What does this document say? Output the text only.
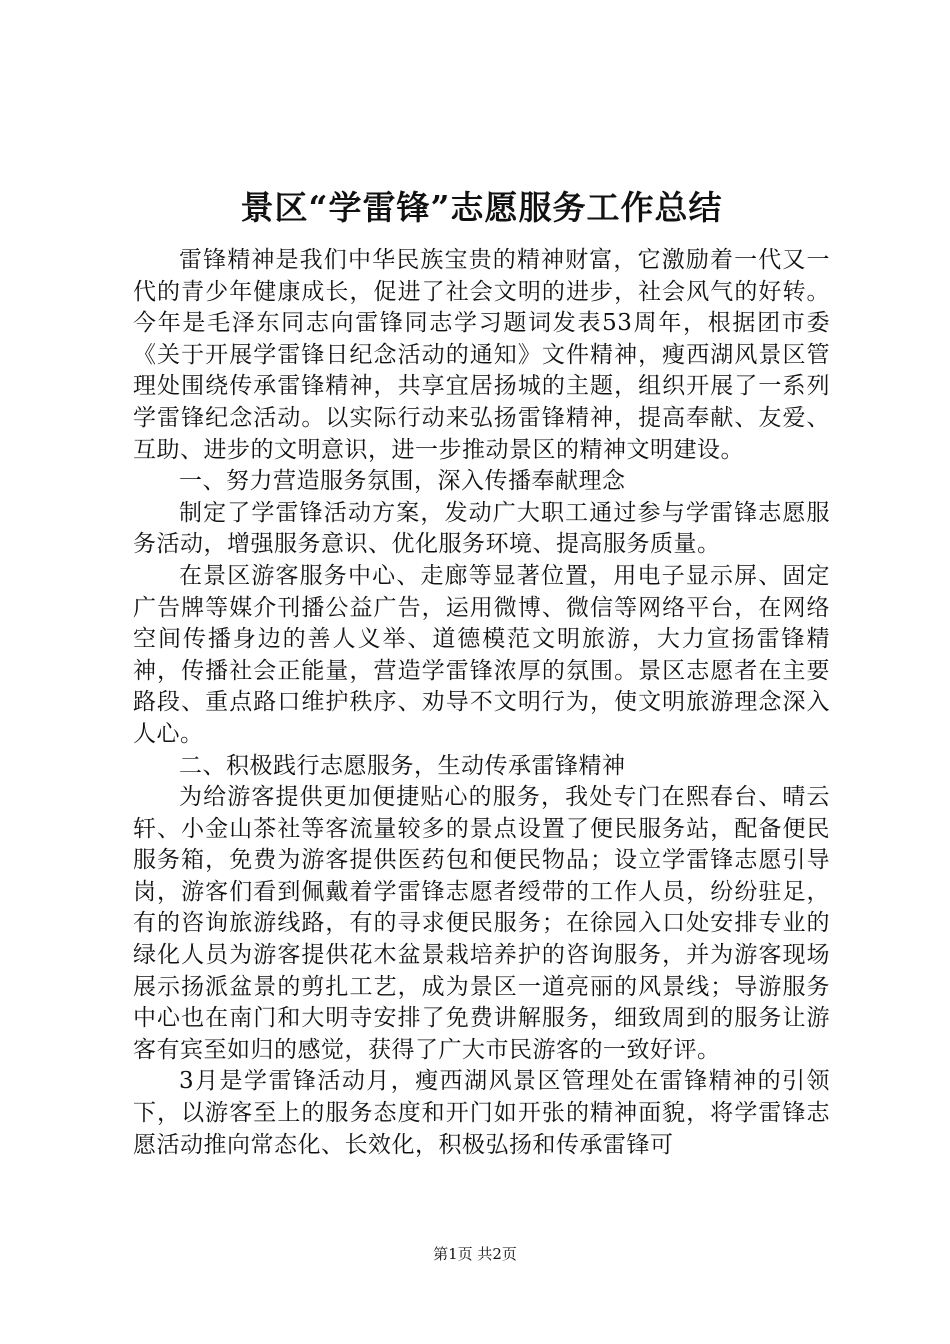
景区“学雷锋”志愿服务工作总结

雷锋精神是我们中华民族宝贵的精神财富，它激励着一代又一代的青少年健康成长，促进了社会文明的进步，社会风气的好转。今年是毛泽东同志向雷锋同志学习题词发表53周年，根据团市委《关于开展学雷锋日纪念活动的通知》文件精神，瘦西湖风景区管理处围绕传承雷锋精神，共享宜居扬城的主题，组织开展了一系列学雷锋纪念活动。以实际行动来弘扬雷锋精神，提高奉献、友爱、互助、进步的文明意识，进一步推动景区的精神文明建设。

一、努力营造服务氛围，深入传播奉献理念

制定了学雷锋活动方案，发动广大职工通过参与学雷锋志愿服务活动，增强服务意识、优化服务环境、提高服务质量。

在景区游客服务中心、走廊等显著位置，用电子显示屏、固定广告牌等媒介刊播公益广告，运用微博、微信等网络平台，在网络空间传播身边的善人义举、道德模范文明旅游，大力宣扬雷锋精神，传播社会正能量，营造学雷锋浓厚的氛围。景区志愿者在主要路段、重点路口维护秩序、劝导不文明行为，使文明旅游理念深入人心。

二、积极践行志愿服务，生动传承雷锋精神

为给游客提供更加便捷贴心的服务，我处专门在熙春台、晴云轩、小金山茶社等客流量较多的景点设置了便民服务站，配备便民服务箱，免费为游客提供医药包和便民物品；设立学雷锋志愿引导岗，游客们看到佩戴着学雷锋志愿者绶带的工作人员，纷纷驻足，有的咨询旅游线路，有的寻求便民服务；在徐园入口处安排专业的绿化人员为游客提供花木盆景栽培养护的咨询服务，并为游客现场展示扬派盆景的剪扎工艺，成为景区一道亮丽的风景线；导游服务中心也在南门和大明寺安排了免费讲解服务，细致周到的服务让游客有宾至如归的感觉，获得了广大市民游客的一致好评。

3月是学雷锋活动月，瘦西湖风景区管理处在雷锋精神的引领下，以游客至上的服务态度和开门如开张的精神面貌，将学雷锋志愿活动推向常态化、长效化，积极弘扬和传承雷锋可

第1页 共2页
